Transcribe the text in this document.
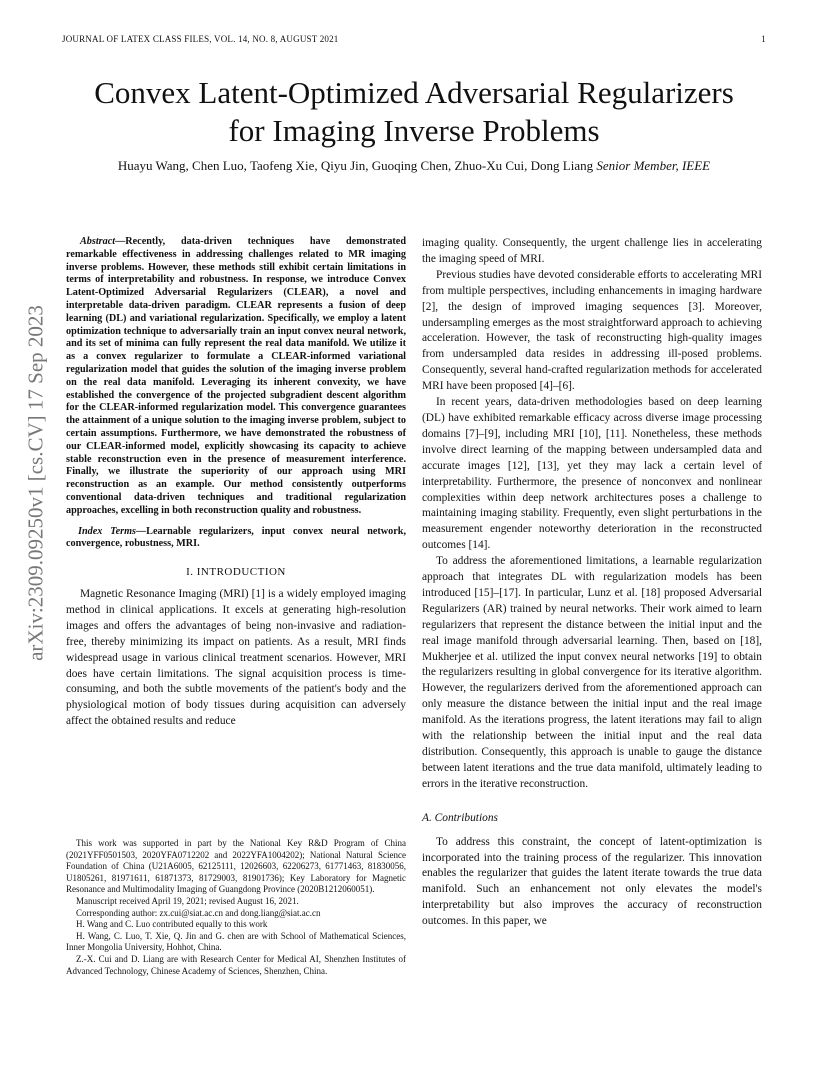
JOURNAL OF LATEX CLASS FILES, VOL. 14, NO. 8, AUGUST 2021	1
arXiv:2309.09250v1 [cs.CV] 17 Sep 2023
Convex Latent-Optimized Adversarial Regularizers
for Imaging Inverse Problems
Huayu Wang, Chen Luo, Taofeng Xie, Qiyu Jin, Guoqing Chen, Zhuo-Xu Cui, Dong Liang Senior Member, IEEE

Abstract—Recently, data-driven techniques have demonstrated remarkable effectiveness in addressing challenges related to MR imaging inverse problems. However, these methods still exhibit certain limitations in terms of interpretability and robustness. In response, we introduce Convex Latent-Optimized Adversarial Regularizers (CLEAR), a novel and interpretable data-driven paradigm. CLEAR represents a fusion of deep learning (DL) and variational regularization. Specifically, we employ a latent optimization technique to adversarially train an input convex neural network, and its set of minima can fully represent the real data manifold. We utilize it as a convex regularizer to formulate a CLEAR-informed variational regularization model that guides the solution of the imaging inverse problem on the real data manifold. Leveraging its inherent convexity, we have established the convergence of the projected subgradient descent algorithm for the CLEAR-informed regularization model. This convergence guarantees the attainment of a unique solution to the imaging inverse problem, subject to certain assumptions. Furthermore, we have demonstrated the robustness of our CLEAR-informed model, explicitly showcasing its capacity to achieve stable reconstruction even in the presence of measurement interference. Finally, we illustrate the superiority of our approach using MRI reconstruction as an example. Our method consistently outperforms conventional data-driven techniques and traditional regularization approaches, excelling in both reconstruction quality and robustness.

Index Terms—Learnable regularizers, input convex neural network, convergence, robustness, MRI.
I. INTRODUCTION

Magnetic Resonance Imaging (MRI) [1] is a widely employed imaging method in clinical applications. It excels at generating high-resolution images and offers the advantages of being non-invasive and radiation-free, thereby minimizing its impact on patients. As a result, MRI finds widespread usage in various clinical treatment scenarios. However, MRI does have certain limitations. The signal acquisition process is time-consuming, and both the subtle movements of the patient's body and the physiological motion of body tissues during acquisition can adversely affect the obtained results and reduce

This work was supported in part by the National Key R&D Program of China (2021YFF0501503, 2020YFA0712202 and 2022YFA1004202); National Natural Science Foundation of China (U21A6005, 62125111, 12026603, 62206273, 61771463, 81830056, U1805261, 81971611, 61871373, 81729003, 81901736); Key Laboratory for Magnetic Resonance and Multimodality Imaging of Guangdong Province (2020B1212060051).

Manuscript received April 19, 2021; revised August 16, 2021.

Corresponding author: zx.cui@siat.ac.cn and dong.liang@siat.ac.cn

H. Wang and C. Luo contributed equally to this work

H. Wang, C. Luo, T. Xie, Q. Jin and G. chen are with School of Mathematical Sciences, Inner Mongolia University, Hohhot, China.

Z.-X. Cui and D. Liang are with Research Center for Medical AI, Shenzhen Institutes of Advanced Technology, Chinese Academy of Sciences, Shenzhen, China.

imaging quality. Consequently, the urgent challenge lies in accelerating the imaging speed of MRI.

Previous studies have devoted considerable efforts to accelerating MRI from multiple perspectives, including enhancements in imaging hardware [2], the design of improved imaging sequences [3]. Moreover, undersampling emerges as the most straightforward approach to achieving acceleration. However, the task of reconstructing high-quality images from undersampled data resides in addressing ill-posed problems. Consequently, several hand-crafted regularization methods for accelerated MRI have been proposed [4]–[6].

In recent years, data-driven methodologies based on deep learning (DL) have exhibited remarkable efficacy across diverse image processing domains [7]–[9], including MRI [10], [11]. Nonetheless, these methods involve direct learning of the mapping between undersampled data and accurate images [12], [13], yet they may lack a certain level of interpretability. Furthermore, the presence of nonconvex and nonlinear complexities within deep network architectures poses a challenge to maintaining imaging stability. Frequently, even slight perturbations in the measurement engender noteworthy deterioration in the reconstructed outcomes [14].

To address the aforementioned limitations, a learnable regularization approach that integrates DL with regularization models has been introduced [15]–[17]. In particular, Lunz et al. [18] proposed Adversarial Regularizers (AR) trained by neural networks. Their work aimed to learn regularizers that represent the distance between the initial input and the real image manifold through adversarial learning. Then, based on [18], Mukherjee et al. utilized the input convex neural networks [19] to obtain the regularizers resulting in global convergence for its iterative algorithm. However, the regularizers derived from the aforementioned approach can only measure the distance between the initial input and the real image manifold. As the iterations progress, the latent iterations may fail to align with the relationship between the initial input and the real data distribution. Consequently, this approach is unable to gauge the distance between latent iterations and the true data manifold, ultimately leading to errors in the iterative reconstruction.

A. Contributions

To address this constraint, the concept of latent-optimization is incorporated into the training process of the regularizer. This innovation enables the regularizer that guides the latent iterate towards the true data manifold. Such an enhancement not only elevates the model's interpretability but also improves the accuracy of reconstruction outcomes. In this paper, we
